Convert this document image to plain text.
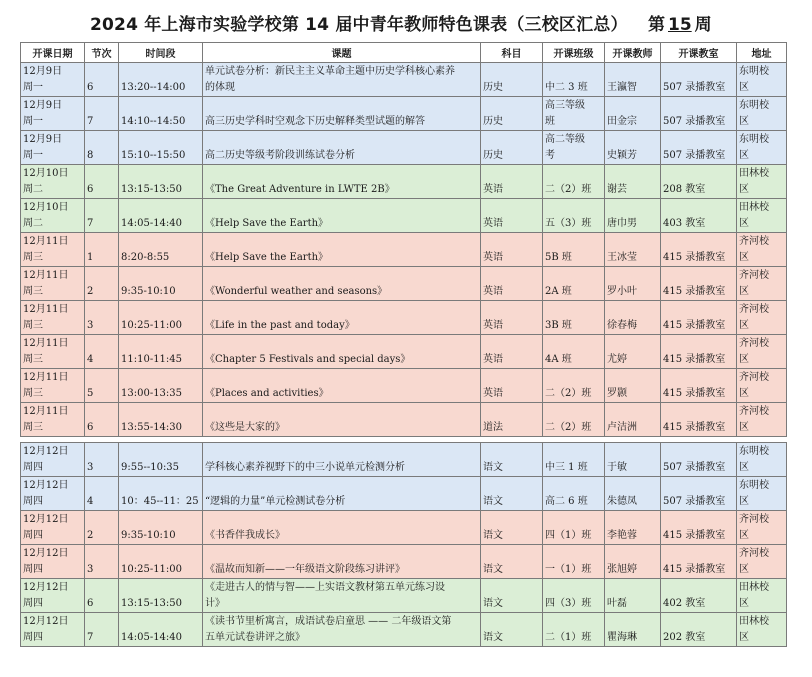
2024 年上海市实验学校第 14 届中青年教师特色课表（三校区汇总） 第 15 周
开课日期	节次	时间段	课题	科目	开课班级	开课教师	开课教室	地址

12月9日
周一	6	13:20--14:00	单元试卷分析：新民主主义革命主题中历史学科核心素养
的体现	历史	中二 3 班	王瀛智	507 录播教室	东明校
区

12月9日
周一	7	14:10--14:50	高三历史学科时空观念下历史解释类型试题的解答	历史	高三等级
班	田金宗	507 录播教室	东明校
区

12月9日
周一	8	15:10--15:50	高二历史等级考阶段训练试卷分析	历史	高二等级
考	史颖芳	507 录播教室	东明校
区

12月10日
周二	6	13:15-13:50	《The Great Adventure in LWTE 2B》	英语	二（2）班	谢芸	208 教室	田林校
区

12月10日
周二	7	14:05-14:40	《Help Save the Earth》	英语	五（3）班	唐巾男	403 教室	田林校
区

12月11日
周三	1	8:20-8:55	《Help Save the Earth》	英语	5B 班	王冰莹	415 录播教室	齐河校
区

12月11日
周三	2	9:35-10:10	《Wonderful weather and seasons》	英语	2A 班	罗小叶	415 录播教室	齐河校
区

12月11日
周三	3	10:25-11:00	《Life in the past and today》	英语	3B 班	徐春梅	415 录播教室	齐河校
区

12月11日
周三	4	11:10-11:45	《Chapter 5 Festivals and special days》	英语	4A 班	尤婷	415 录播教室	齐河校
区

12月11日
周三	5	13:00-13:35	《Places and activities》	英语	二（2）班	罗颢	415 录播教室	齐河校
区

12月11日
周三	6	13:55-14:30	《这些是大家的》	道法	二（2）班	卢洁洲	415 录播教室	齐河校
区
12月12日
周四	3	9:55--10:35	学科核心素养视野下的中三小说单元检测分析	语文	中三 1 班	于敏	507 录播教室	东明校
区

12月12日
周四	4	10：45--11：25	“逻辑的力量”单元检测试卷分析	语文	高二 6 班	朱德凤	507 录播教室	东明校
区

12月12日
周四	2	9:35-10:10	《书香伴我成长》	语文	四（1）班	李艳蓉	415 录播教室	齐河校
区

12月12日
周四	3	10:25-11:00	《温故而知新——一年级语文阶段练习讲评》	语文	一（1）班	张旭婷	415 录播教室	齐河校
区

12月12日
周四	6	13:15-13:50	《走进古人的情与智——上实语文教材第五单元练习设
计》	语文	四（3）班	叶磊	402 教室	田林校
区

12月12日
周四	7	14:05-14:40	《读书节里析寓言，成语试卷启童思 —— 二年级语文第
五单元试卷讲评之旅》	语文	二（1）班	瞿海琳	202 教室	田林校
区
